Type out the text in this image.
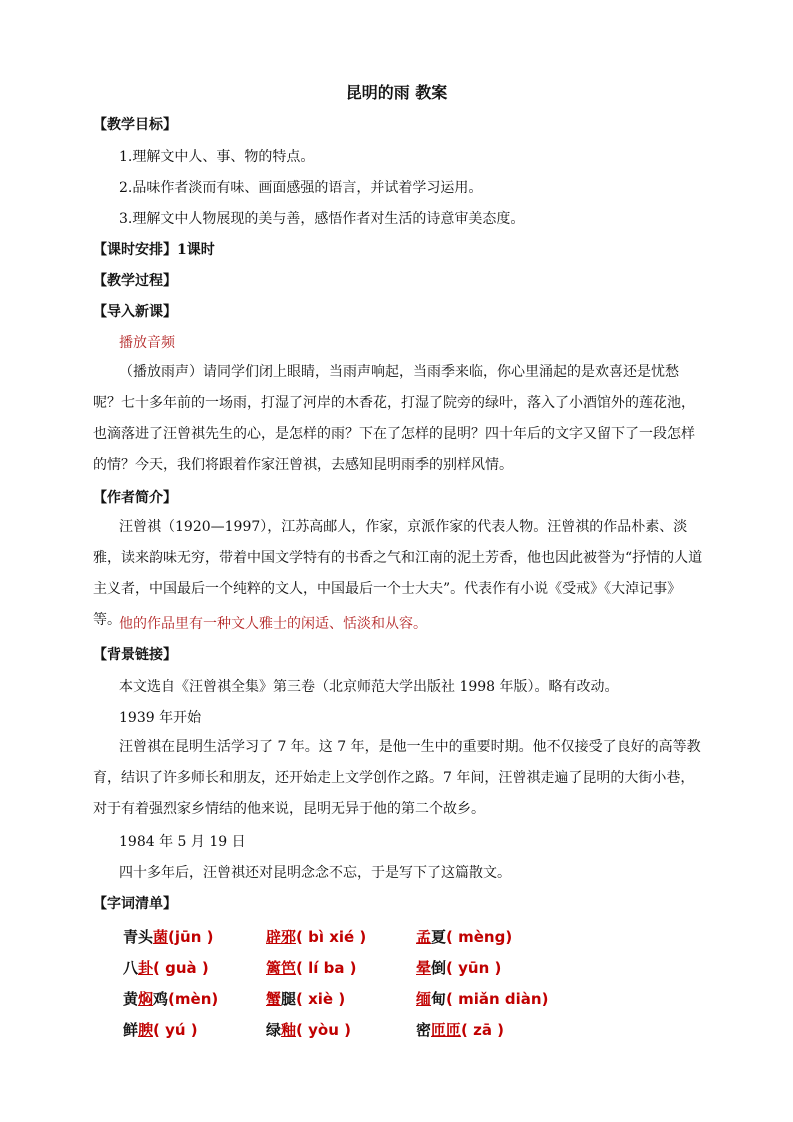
昆明的雨 教案
【教学目标】
1.理解文中人、事、物的特点。
2.品味作者淡而有味、画面感强的语言，并试着学习运用。
3.理解文中人物展现的美与善，感悟作者对生活的诗意审美态度。
【课时安排】1课时
【教学过程】
【导入新课】
播放音频
（播放雨声）请同学们闭上眼睛，当雨声响起，当雨季来临，你心里涌起的是欢喜还是忧愁呢？七十多年前的一场雨，打湿了河岸的木香花，打湿了院旁的绿叶，落入了小酒馆外的莲花池，也滴落进了汪曾祺先生的心，是怎样的雨？下在了怎样的昆明？四十年后的文字又留下了一段怎样的情？今天，我们将跟着作家汪曾祺，去感知昆明雨季的别样风情。
【作者简介】
汪曾祺（1920—1997），江苏高邮人，作家，京派作家的代表人物。汪曾祺的作品朴素、淡雅，读来韵味无穷，带着中国文学特有的书香之气和江南的泥土芳香，他也因此被誉为“抒情的人道主义者，中国最后一个纯粹的文人，中国最后一个士大夫”。代表作有小说《受戒》《大淖记事》等。
他的作品里有一种文人雅士的闲适、恬淡和从容。
【背景链接】
本文选自《汪曾祺全集》第三卷（北京师范大学出版社 1998 年版）。略有改动。
1939 年开始
汪曾祺在昆明生活学习了 7 年。这 7 年，是他一生中的重要时期。他不仅接受了良好的高等教育，结识了许多师长和朋友，还开始走上文学创作之路。7 年间，汪曾祺走遍了昆明的大街小巷，对于有着强烈家乡情结的他来说，昆明无异于他的第二个故乡。
1984 年 5 月 19 日
四十多年后，汪曾祺还对昆明念念不忘，于是写下了这篇散文。
【字词清单】
青头菌(jūn )	辟邪( bì xié )	孟夏( mèng)
八卦( guà )	篱笆( lí ba )	晕倒( yūn )
黄焖鸡(mèn)	蟹腿( xiè )	缅甸( miǎn diàn)
鲜腴( yú )	绿釉( yòu )	密匝匝( zā )
